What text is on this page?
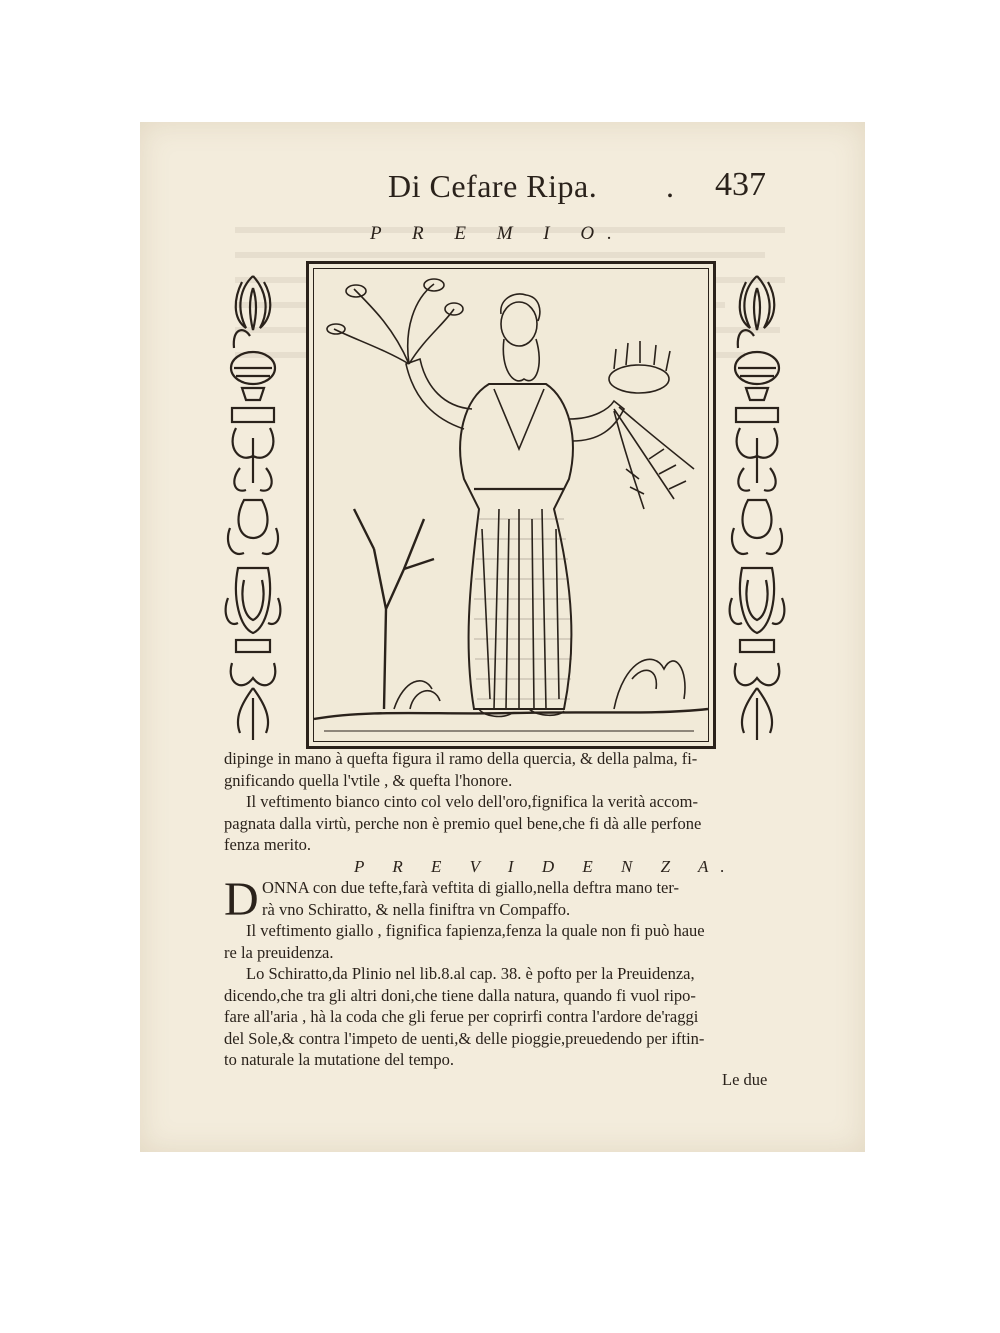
Di Cefare Ripa. . 437
P R E M I O.

dipinge in mano à quefta figura il ramo della quercia, & della palma, fi-

gnificando quella l'vtile , & quefta l'honore.

Il veftimento bianco cinto col velo dell'oro,fignifica la verità accom-

pagnata dalla virtù, perche non è premio quel bene,che fi dà alle perfone

fenza merito.

P R E V I D E N Z A.

D ONNA con due tefte,farà veftita di giallo,nella deftra mano ter-

rà vno Schiratto, & nella finiftra vn Compaffo.

Il veftimento giallo , fignifica fapienza,fenza la quale non fi può haue

re la preuidenza.

Lo Schiratto,da Plinio nel lib.8.al cap. 38. è pofto per la Preuidenza,

dicendo,che tra gli altri doni,che tiene dalla natura, quando fi vuol ripo-

fare all'aria , hà la coda che gli ferue per coprirfi contra l'ardore de'raggi

del Sole,& contra l'impeto de uenti,& delle pioggie,preuedendo per iftin-

to naturale la mutatione del tempo.

Le due
